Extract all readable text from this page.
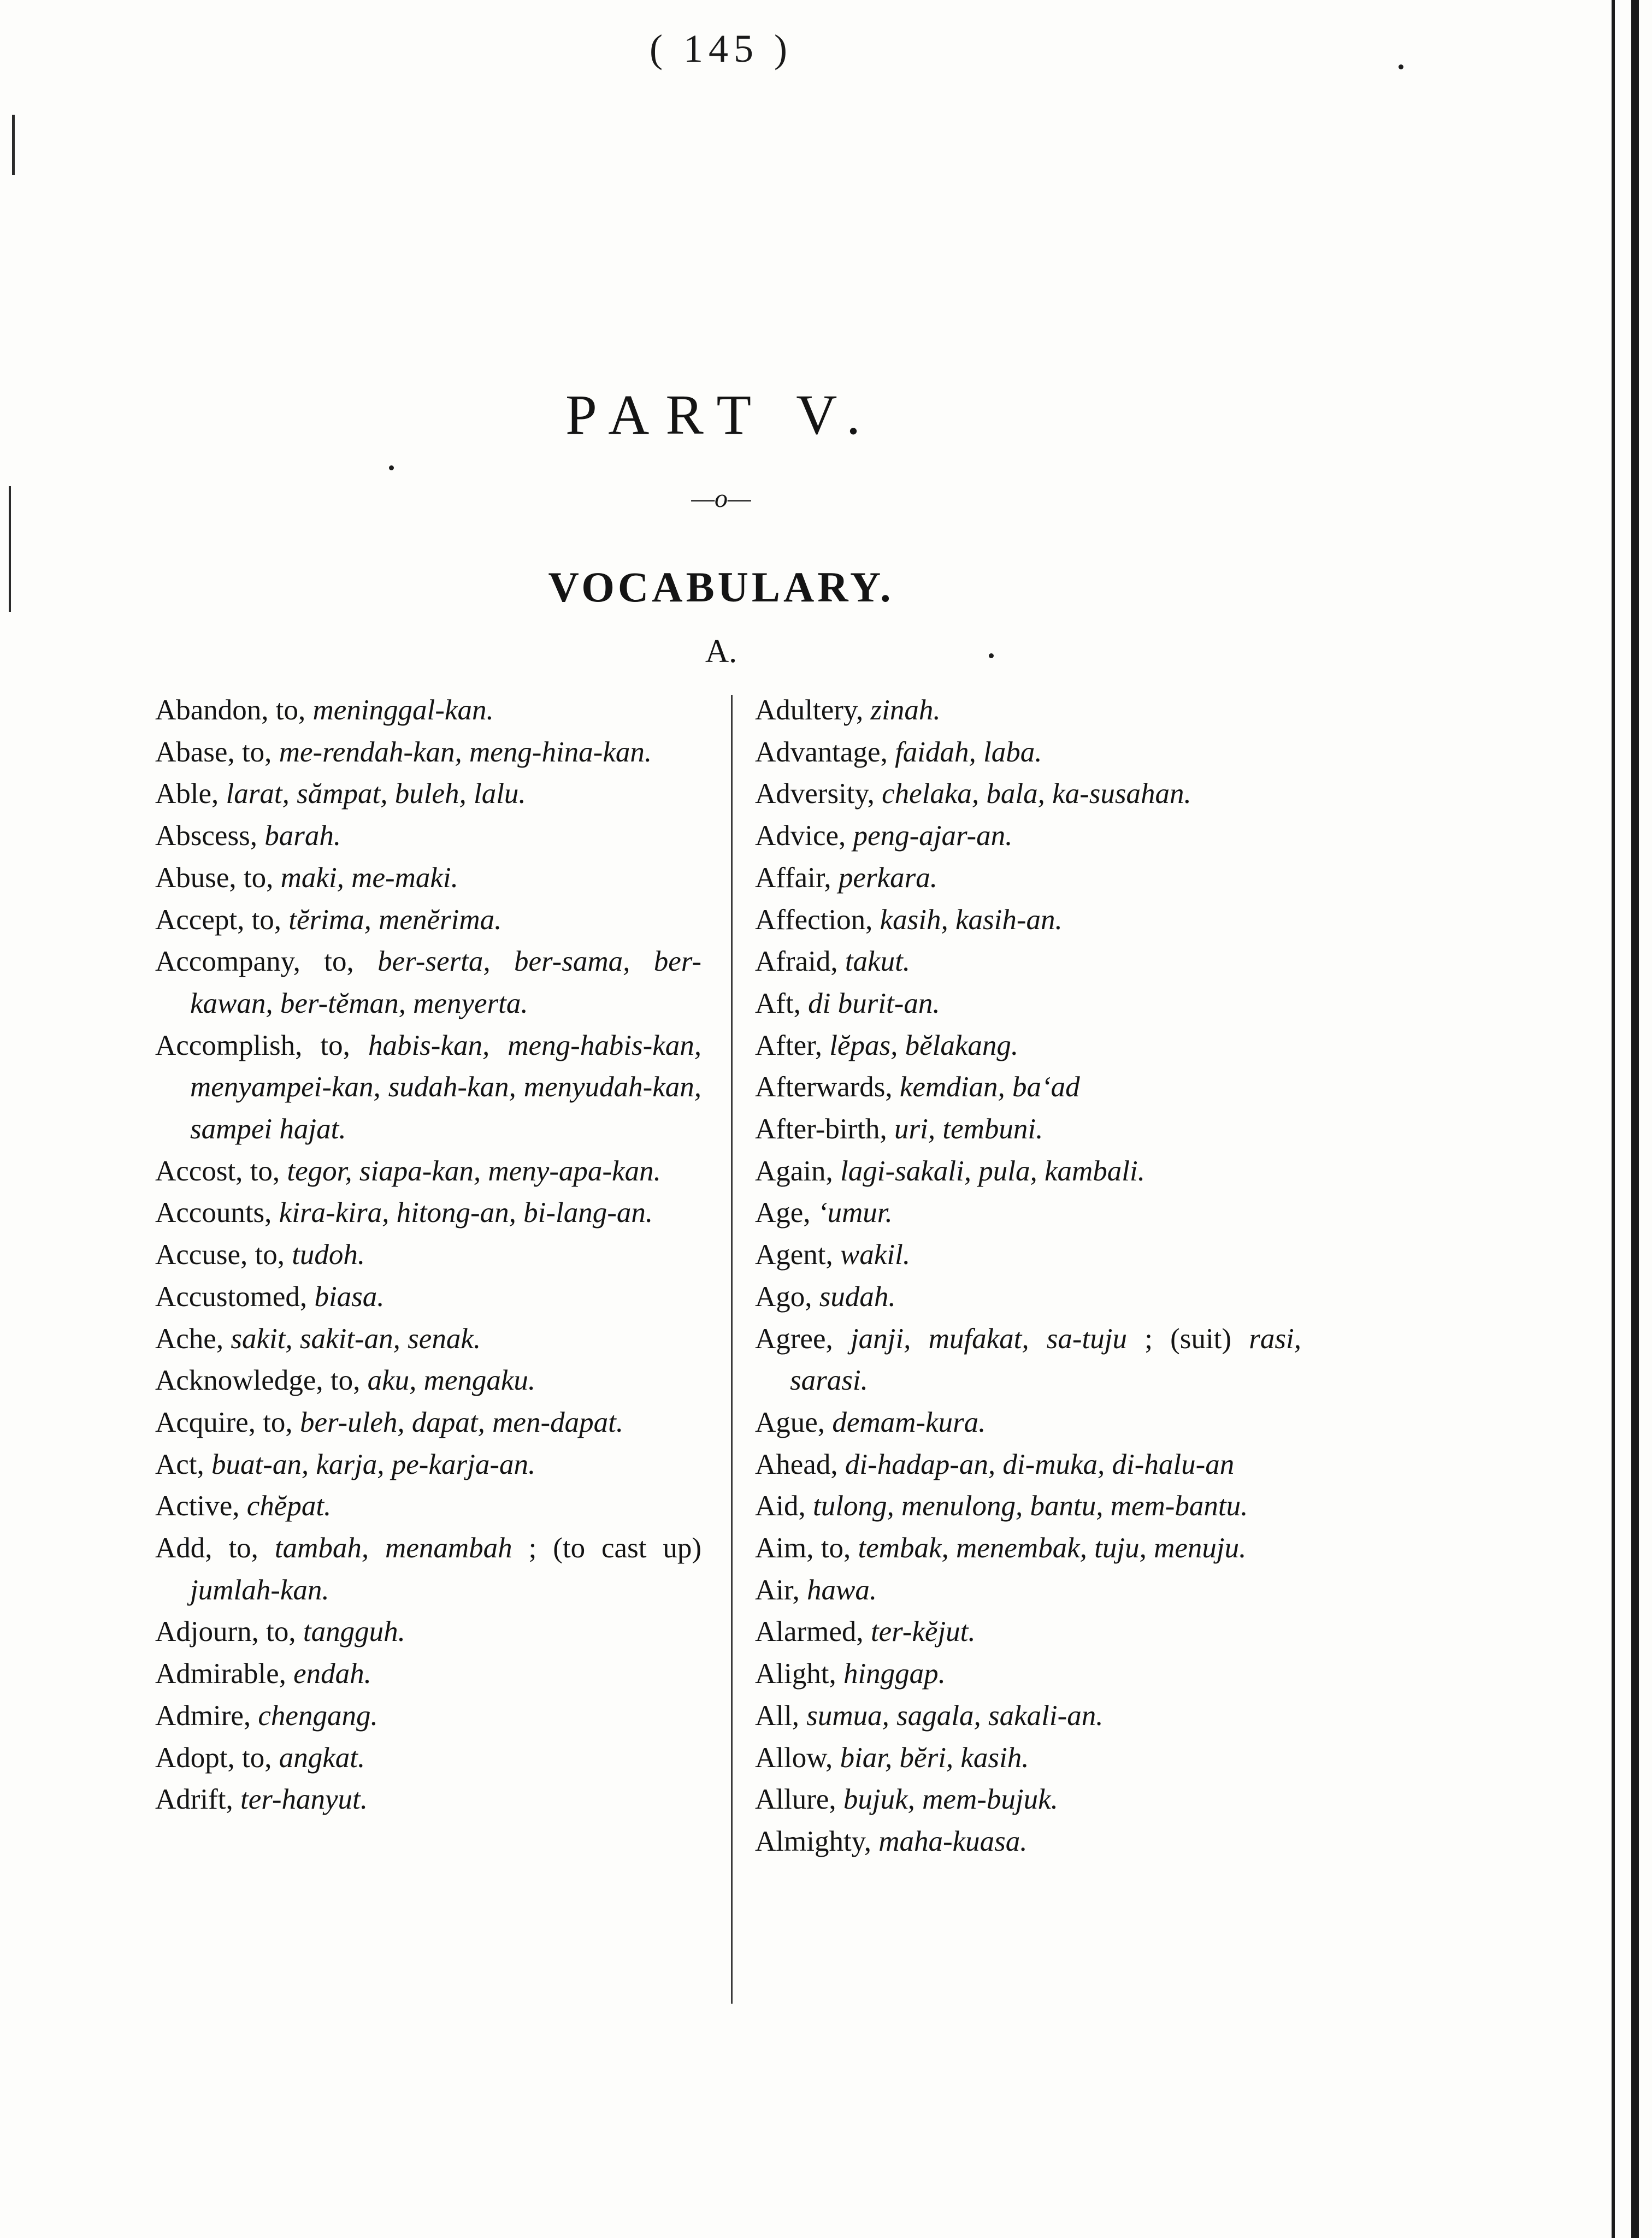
( 145 )
PART V.
—o—
VOCABULARY.
A.
Abandon, to, meninggal-kan.
Abase, to, me-rendah-kan, meng-hina-kan.
Able, larat, sămpat, buleh, lalu.
Abscess, barah.
Abuse, to, maki, me-maki.
Accept, to, tĕrima, menĕrima.
Accompany, to, ber-serta, ber-sama, ber-kawan, ber-tĕman, menyerta.
Accomplish, to, habis-kan, meng-habis-kan, menyampei-kan, sudah-kan, menyudah-kan, sampei hajat.
Accost, to, tegor, siapa-kan, meny-apa-kan.
Accounts, kira-kira, hitong-an, bi-lang-an.
Accuse, to, tudoh.
Accustomed, biasa.
Ache, sakit, sakit-an, senak.
Acknowledge, to, aku, mengaku.
Acquire, to, ber-uleh, dapat, men-dapat.
Act, buat-an, karja, pe-karja-an.
Active, chĕpat.
Add, to, tambah, menambah ; (to cast up) jumlah-kan.
Adjourn, to, tangguh.
Admirable, endah.
Admire, chengang.
Adopt, to, angkat.
Adrift, ter-hanyut.
Adultery, zinah.
Advantage, faidah, laba.
Adversity, chelaka, bala, ka-susahan.
Advice, peng-ajar-an.
Affair, perkara.
Affection, kasih, kasih-an.
Afraid, takut.
Aft, di burit-an.
After, lĕpas, bĕlakang.
Afterwards, kemdian, ba‘ad
After-birth, uri, tembuni.
Again, lagi-sakali, pula, kambali.
Age, ‘umur.
Agent, wakil.
Ago, sudah.
Agree, janji, mufakat, sa-tuju ; (suit) rasi, sarasi.
Ague, demam-kura.
Ahead, di-hadap-an, di-muka, di-halu-an
Aid, tulong, menulong, bantu, mem-bantu.
Aim, to, tembak, menembak, tuju, menuju.
Air, hawa.
Alarmed, ter-kĕjut.
Alight, hinggap.
All, sumua, sagala, sakali-an.
Allow, biar, bĕri, kasih.
Allure, bujuk, mem-bujuk.
Almighty, maha-kuasa.
